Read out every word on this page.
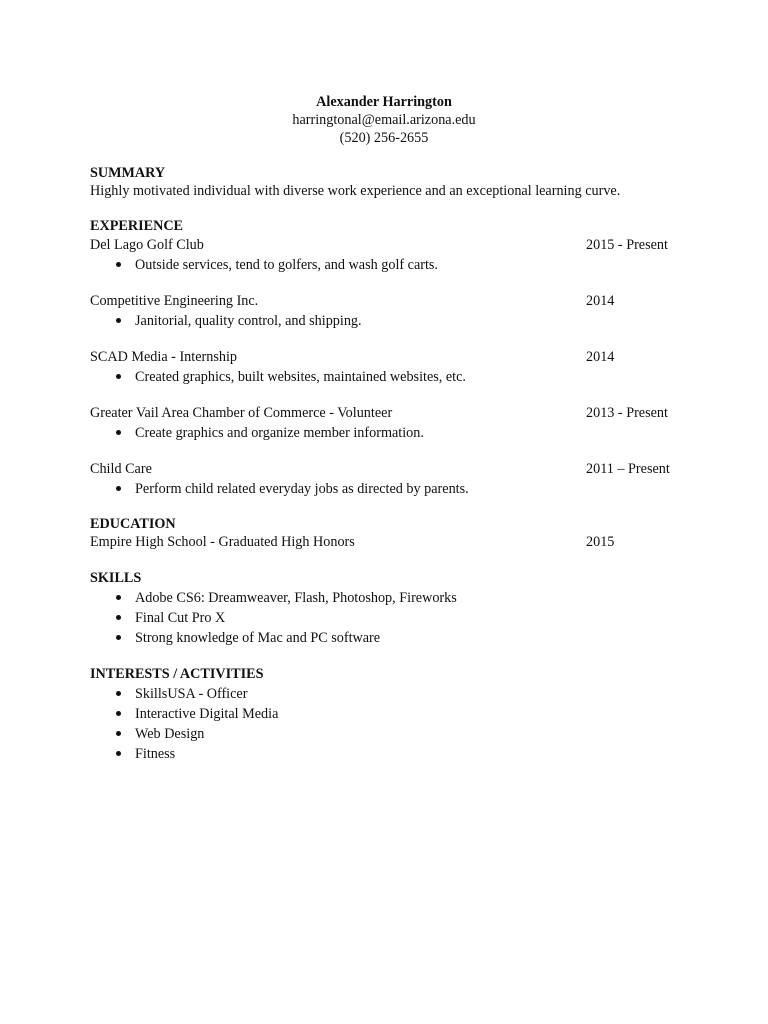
Alexander Harrington
harringtonal@email.arizona.edu
(520) 256-2655
SUMMARY
Highly motivated individual with diverse work experience and an exceptional learning curve.
EXPERIENCE
Del Lago Golf Club	2015 - Present
Outside services, tend to golfers, and wash golf carts.
Competitive Engineering Inc.	2014
Janitorial, quality control, and shipping.
SCAD Media - Internship	2014
Created graphics, built websites, maintained websites, etc.
Greater Vail Area Chamber of Commerce - Volunteer	2013 - Present
Create graphics and organize member information.
Child Care	2011 – Present
Perform child related everyday jobs as directed by parents.
EDUCATION
Empire High School - Graduated High Honors	2015
SKILLS
Adobe CS6: Dreamweaver, Flash, Photoshop, Fireworks
Final Cut Pro X
Strong knowledge of Mac and PC software
INTERESTS / ACTIVITIES
SkillsUSA - Officer
Interactive Digital Media
Web Design
Fitness
